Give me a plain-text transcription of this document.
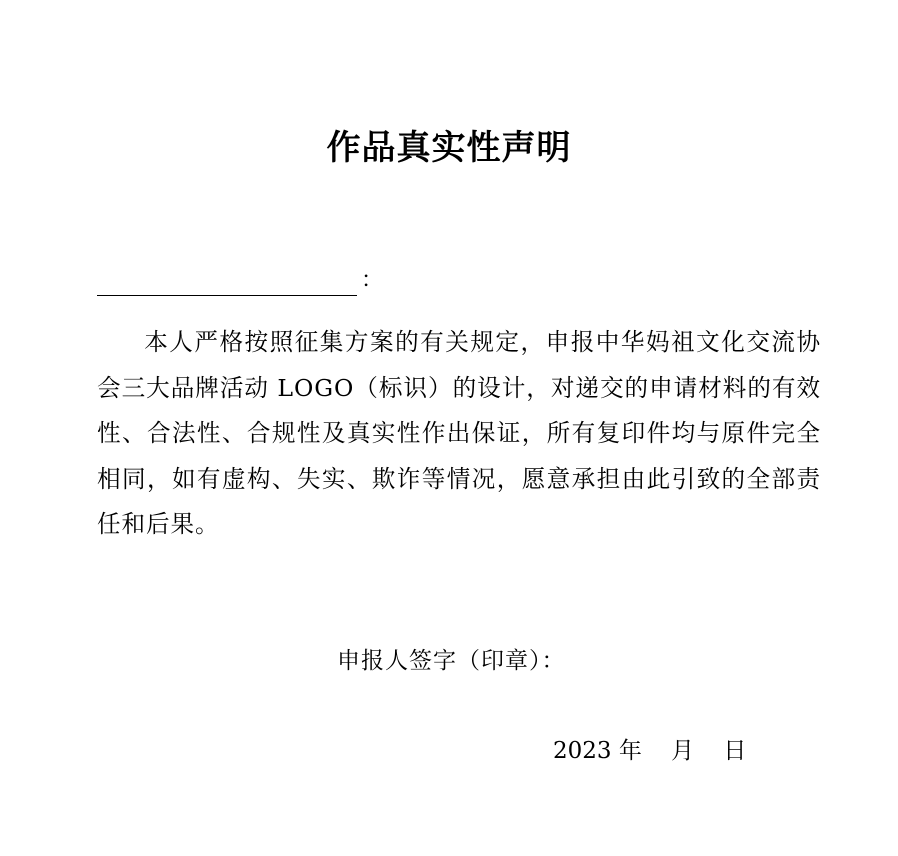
作品真实性声明
：
本人严格按照征集方案的有关规定，申报中华妈祖文化交流协会三大品牌活动 LOGO（标识）的设计，对递交的申请材料的有效性、合法性、合规性及真实性作出保证，所有复印件均与原件完全相同，如有虚构、失实、欺诈等情况，愿意承担由此引致的全部责任和后果。
申报人签字（印章）：
2023 年    月    日
